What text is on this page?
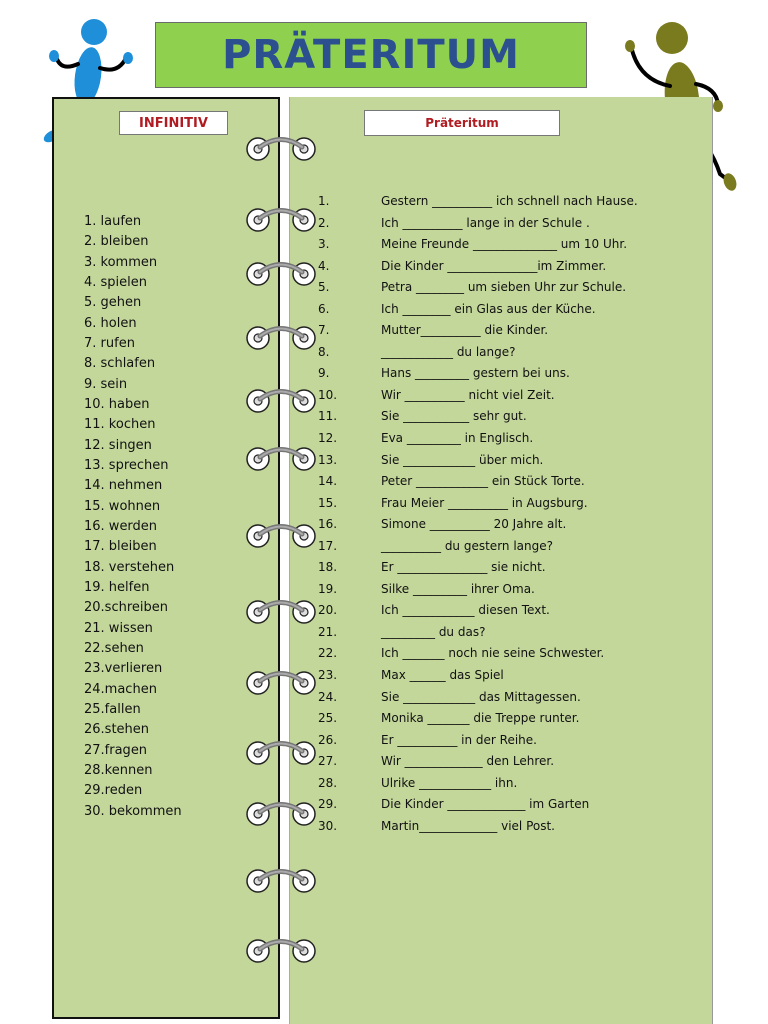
PRÄTERITUM
INFINITIV	Präteritum
1. laufen
2. bleiben
3. kommen
4. spielen
5. gehen
6. holen
7. rufen
8. schlafen
9. sein
10. haben
11. kochen
12. singen
13. sprechen
14. nehmen
15. wohnen
16. werden
17. bleiben
18. verstehen
19. helfen
20.schreiben
21. wissen
22.sehen
23.verlieren
24.machen
25.fallen
26.stehen
27.fragen
28.kennen
29.reden
30. bekommen
1.	Gestern __________ ich schnell nach Hause.
2.	Ich __________ lange in der Schule .
3.	Meine Freunde ______________ um 10 Uhr.
4.	Die Kinder _______________im Zimmer.
5.	Petra ________ um sieben Uhr zur Schule.
6.	Ich ________ ein Glas aus der Küche.
7.	Mutter__________ die Kinder.
8.	____________ du lange?
9.	Hans _________ gestern bei uns.
10.	Wir __________ nicht viel Zeit.
11.	Sie ___________ sehr gut.
12.	Eva _________ in Englisch.
13.	Sie ____________ über mich.
14.	Peter ____________ ein Stück Torte.
15.	Frau Meier __________ in Augsburg.
16.	Simone __________ 20 Jahre alt.
17.	__________ du gestern lange?
18.	Er _______________ sie nicht.
19.	Silke _________ ihrer Oma.
20.	Ich ____________ diesen Text.
21.	_________ du das?
22.	Ich _______ noch nie seine Schwester.
23.	Max ______ das Spiel
24.	Sie ____________ das Mittagessen.
25.	Monika _______ die Treppe runter.
26.	Er __________ in der Reihe.
27.	Wir _____________ den Lehrer.
28.	Ulrike ____________ ihn.
29.	Die Kinder _____________ im Garten
30.	Martin_____________ viel Post.
